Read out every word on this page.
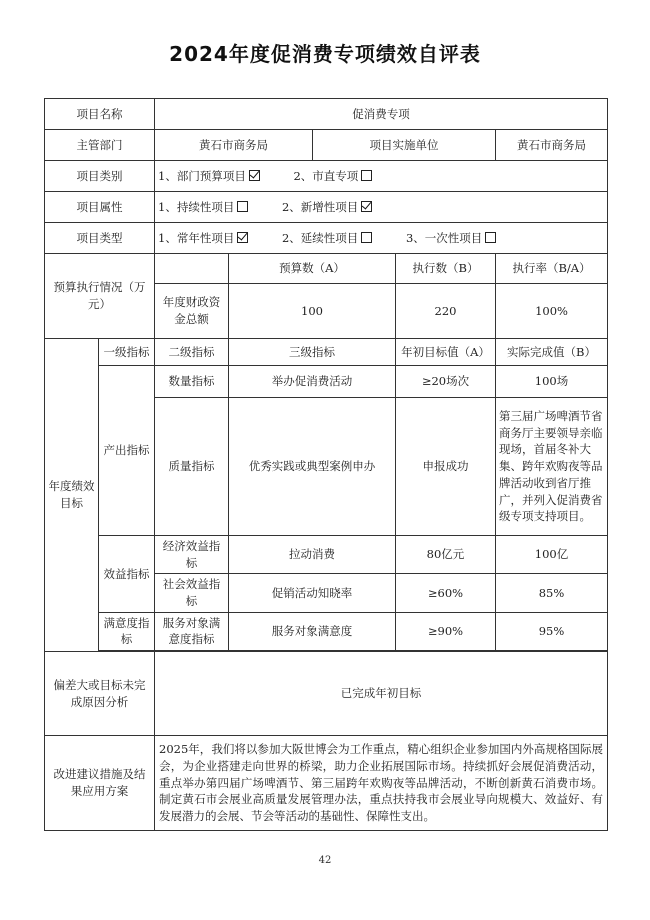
2024年度促消费专项绩效自评表
项目名称		促消费专项				
主管部门		黄石市商务局		项目实施单位		黄石市商务局
项目类别		1、部门预算项目 2、市直专项				
项目属性		1、持续性项目 2、新增性项目				
项目类型		1、常年性项目 2、延续性项目 3、一次性项目				
预算执行情况（万元）			预算数（A）		执行数（B）	执行率（B/A）
		年度财政资金总额	100		220	100%
年度绩效目标	一级指标	二级指标	三级指标		年初目标值（A）	实际完成值（B）
	产出指标	数量指标	举办促消费活动		≥20场次	100场
		质量指标	优秀实践或典型案例申办		申报成功	第三届广场啤酒节省商务厅主要领导亲临现场，首届冬补大集、跨年欢购夜等品牌活动收到省厅推广，并列入促消费省级专项支持项目。
	效益指标	经济效益指标	拉动消费		80亿元	100亿
		社会效益指标	促销活动知晓率		≥60%	85%
	满意度指标	服务对象满意度指标	服务对象满意度		≥90%	95%

偏差大或目标未完成原因分析		已完成年初目标				
改进建议措施及结果应用方案		2025年，我们将以参加大阪世博会为工作重点，精心组织企业参加国内外高规格国际展会，为企业搭建走向世界的桥梁，助力企业拓展国际市场。持续抓好会展促消费活动，重点举办第四届广场啤酒节、第三届跨年欢购夜等品牌活动，不断创新黄石消费市场。制定黄石市会展业高质量发展管理办法，重点扶持我市会展业导向规模大、效益好、有发展潜力的会展、节会等活动的基础性、保障性支出。				
42
